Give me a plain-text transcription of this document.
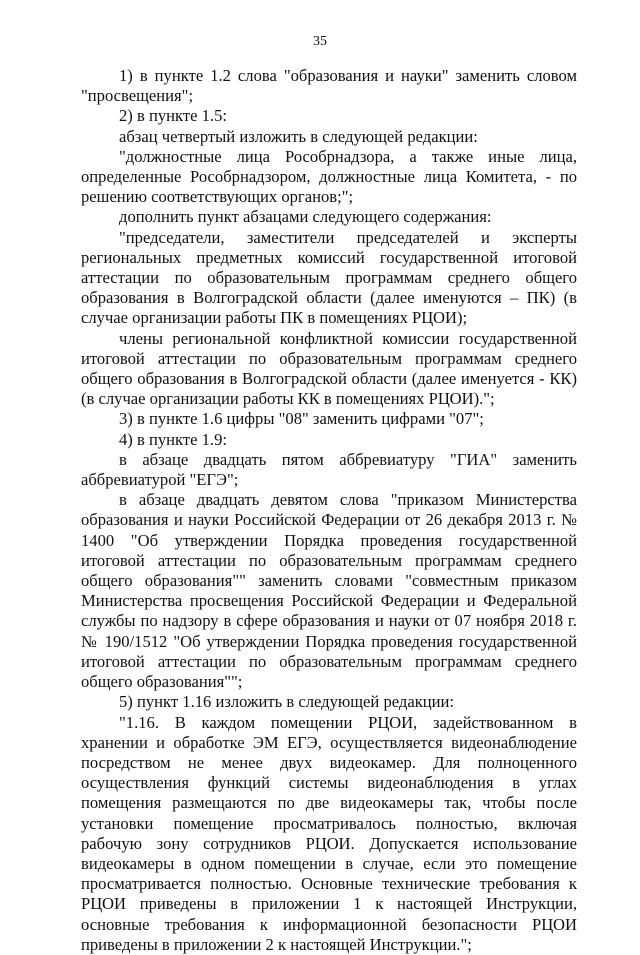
35

1) в пункте 1.2 слова "образования и науки" заменить словом "просвещения";

2) в пункте 1.5:

абзац четвертый изложить в следующей редакции:

"должностные лица Рособрнадзора, а также иные лица, определенные Рособрнадзором, должностные лица Комитета, - по решению соответствующих органов;";

дополнить пункт абзацами следующего содержания:

"председатели, заместители председателей и эксперты региональных предметных комиссий государственной итоговой аттестации по образовательным программам среднего общего образования в Волгоградской области (далее именуются – ПК) (в случае организации работы ПК в помещениях РЦОИ);

члены региональной конфликтной комиссии государственной итоговой аттестации по образовательным программам среднего общего образования в Волгоградской области (далее именуется - КК) (в случае организации работы КК в помещениях РЦОИ).";

3) в пункте 1.6 цифры "08" заменить цифрами "07";

4) в пункте 1.9:

в абзаце двадцать пятом аббревиатуру "ГИА" заменить аббревиатурой "ЕГЭ";

в абзаце двадцать девятом слова "приказом Министерства образования и науки Российской Федерации от 26 декабря 2013 г. № 1400 "Об утверждении Порядка проведения государственной итоговой аттестации по образовательным программам среднего общего образования"" заменить словами "совместным приказом Министерства просвещения Российской Федерации и Федеральной службы по надзору в сфере образования и науки от 07 ноября 2018 г. № 190/1512 "Об утверждении Порядка проведения государственной итоговой аттестации по образовательным программам среднего общего образования"";

5) пункт 1.16 изложить в следующей редакции:

"1.16. В каждом помещении РЦОИ, задействованном в хранении и обработке ЭМ ЕГЭ, осуществляется видеонаблюдение посредством не менее двух видеокамер. Для полноценного осуществления функций системы видеонаблюдения в углах помещения размещаются по две видеокамеры так, чтобы после установки помещение просматривалось полностью, включая рабочую зону сотрудников РЦОИ. Допускается использование видеокамеры в одном помещении в случае, если это помещение просматривается полностью. Основные технические требования к РЦОИ приведены в приложении 1 к настоящей Инструкции, основные требования к информационной безопасности РЦОИ приведены в приложении 2 к настоящей Инструкции.";
